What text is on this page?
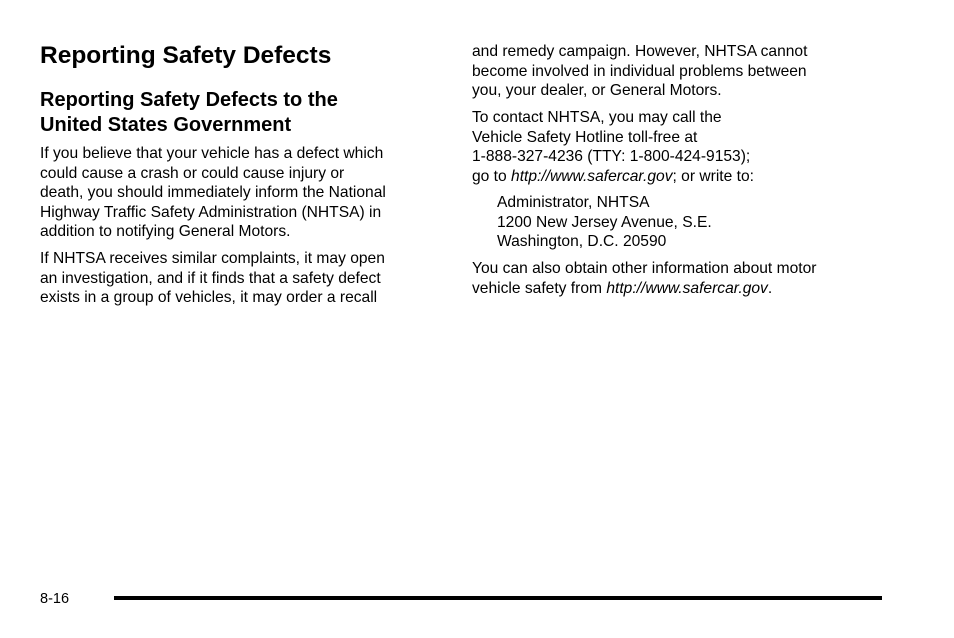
Reporting Safety Defects
Reporting Safety Defects to the
United States Government

If you believe that your vehicle has a defect which
could cause a crash or could cause injury or
death, you should immediately inform the National
Highway Traffic Safety Administration (NHTSA) in
addition to notifying General Motors.

If NHTSA receives similar complaints, it may open
an investigation, and if it finds that a safety defect
exists in a group of vehicles, it may order a recall

and remedy campaign. However, NHTSA cannot
become involved in individual problems between
you, your dealer, or General Motors.

To contact NHTSA, you may call the
Vehicle Safety Hotline toll-free at
1-888-327-4236 (TTY: 1-800-424-9153);
go to http://www.safercar.gov; or write to:

Administrator, NHTSA
1200 New Jersey Avenue, S.E.
Washington, D.C. 20590

You can also obtain other information about motor
vehicle safety from http://www.safercar.gov.

8-16
